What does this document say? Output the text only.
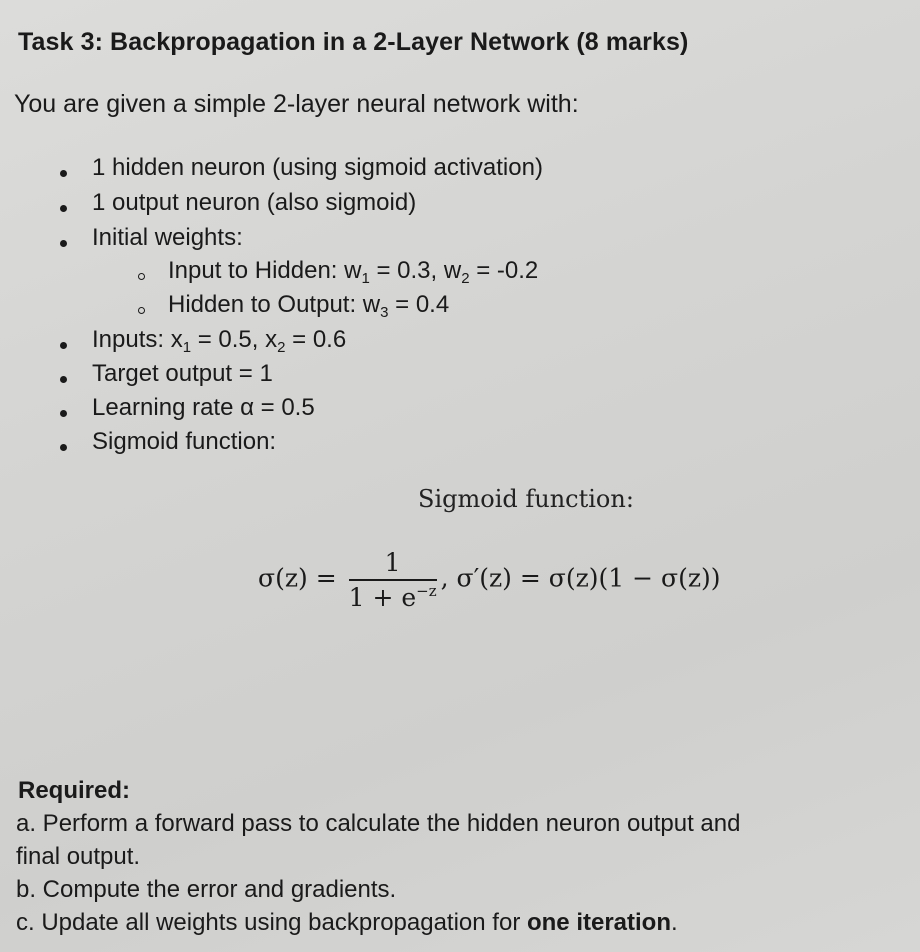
Task 3: Backpropagation in a 2-Layer Network (8 marks)
You are given a simple 2-layer neural network with:
1 hidden neuron (using sigmoid activation)
1 output neuron (also sigmoid)
Initial weights:
Input to Hidden: $w_1 = 0.3$, $w_2 = -0.2$
Hidden to Output: $w_3 = 0.4$
Inputs: $x_1 = 0.5$, $x_2 = 0.6$
Target output = 1
Learning rate α = 0.5
Sigmoid function:
Sigmoid function:
$\sigma(z) = \frac{1}{1 + e^{-z}}$ , σ′(z) = σ(z)(1 − σ(z))
Required:
a. Perform a forward pass to calculate the hidden neuron output and
final output.
b. Compute the error and gradients.
c. Update all weights using backpropagation for one iteration.
